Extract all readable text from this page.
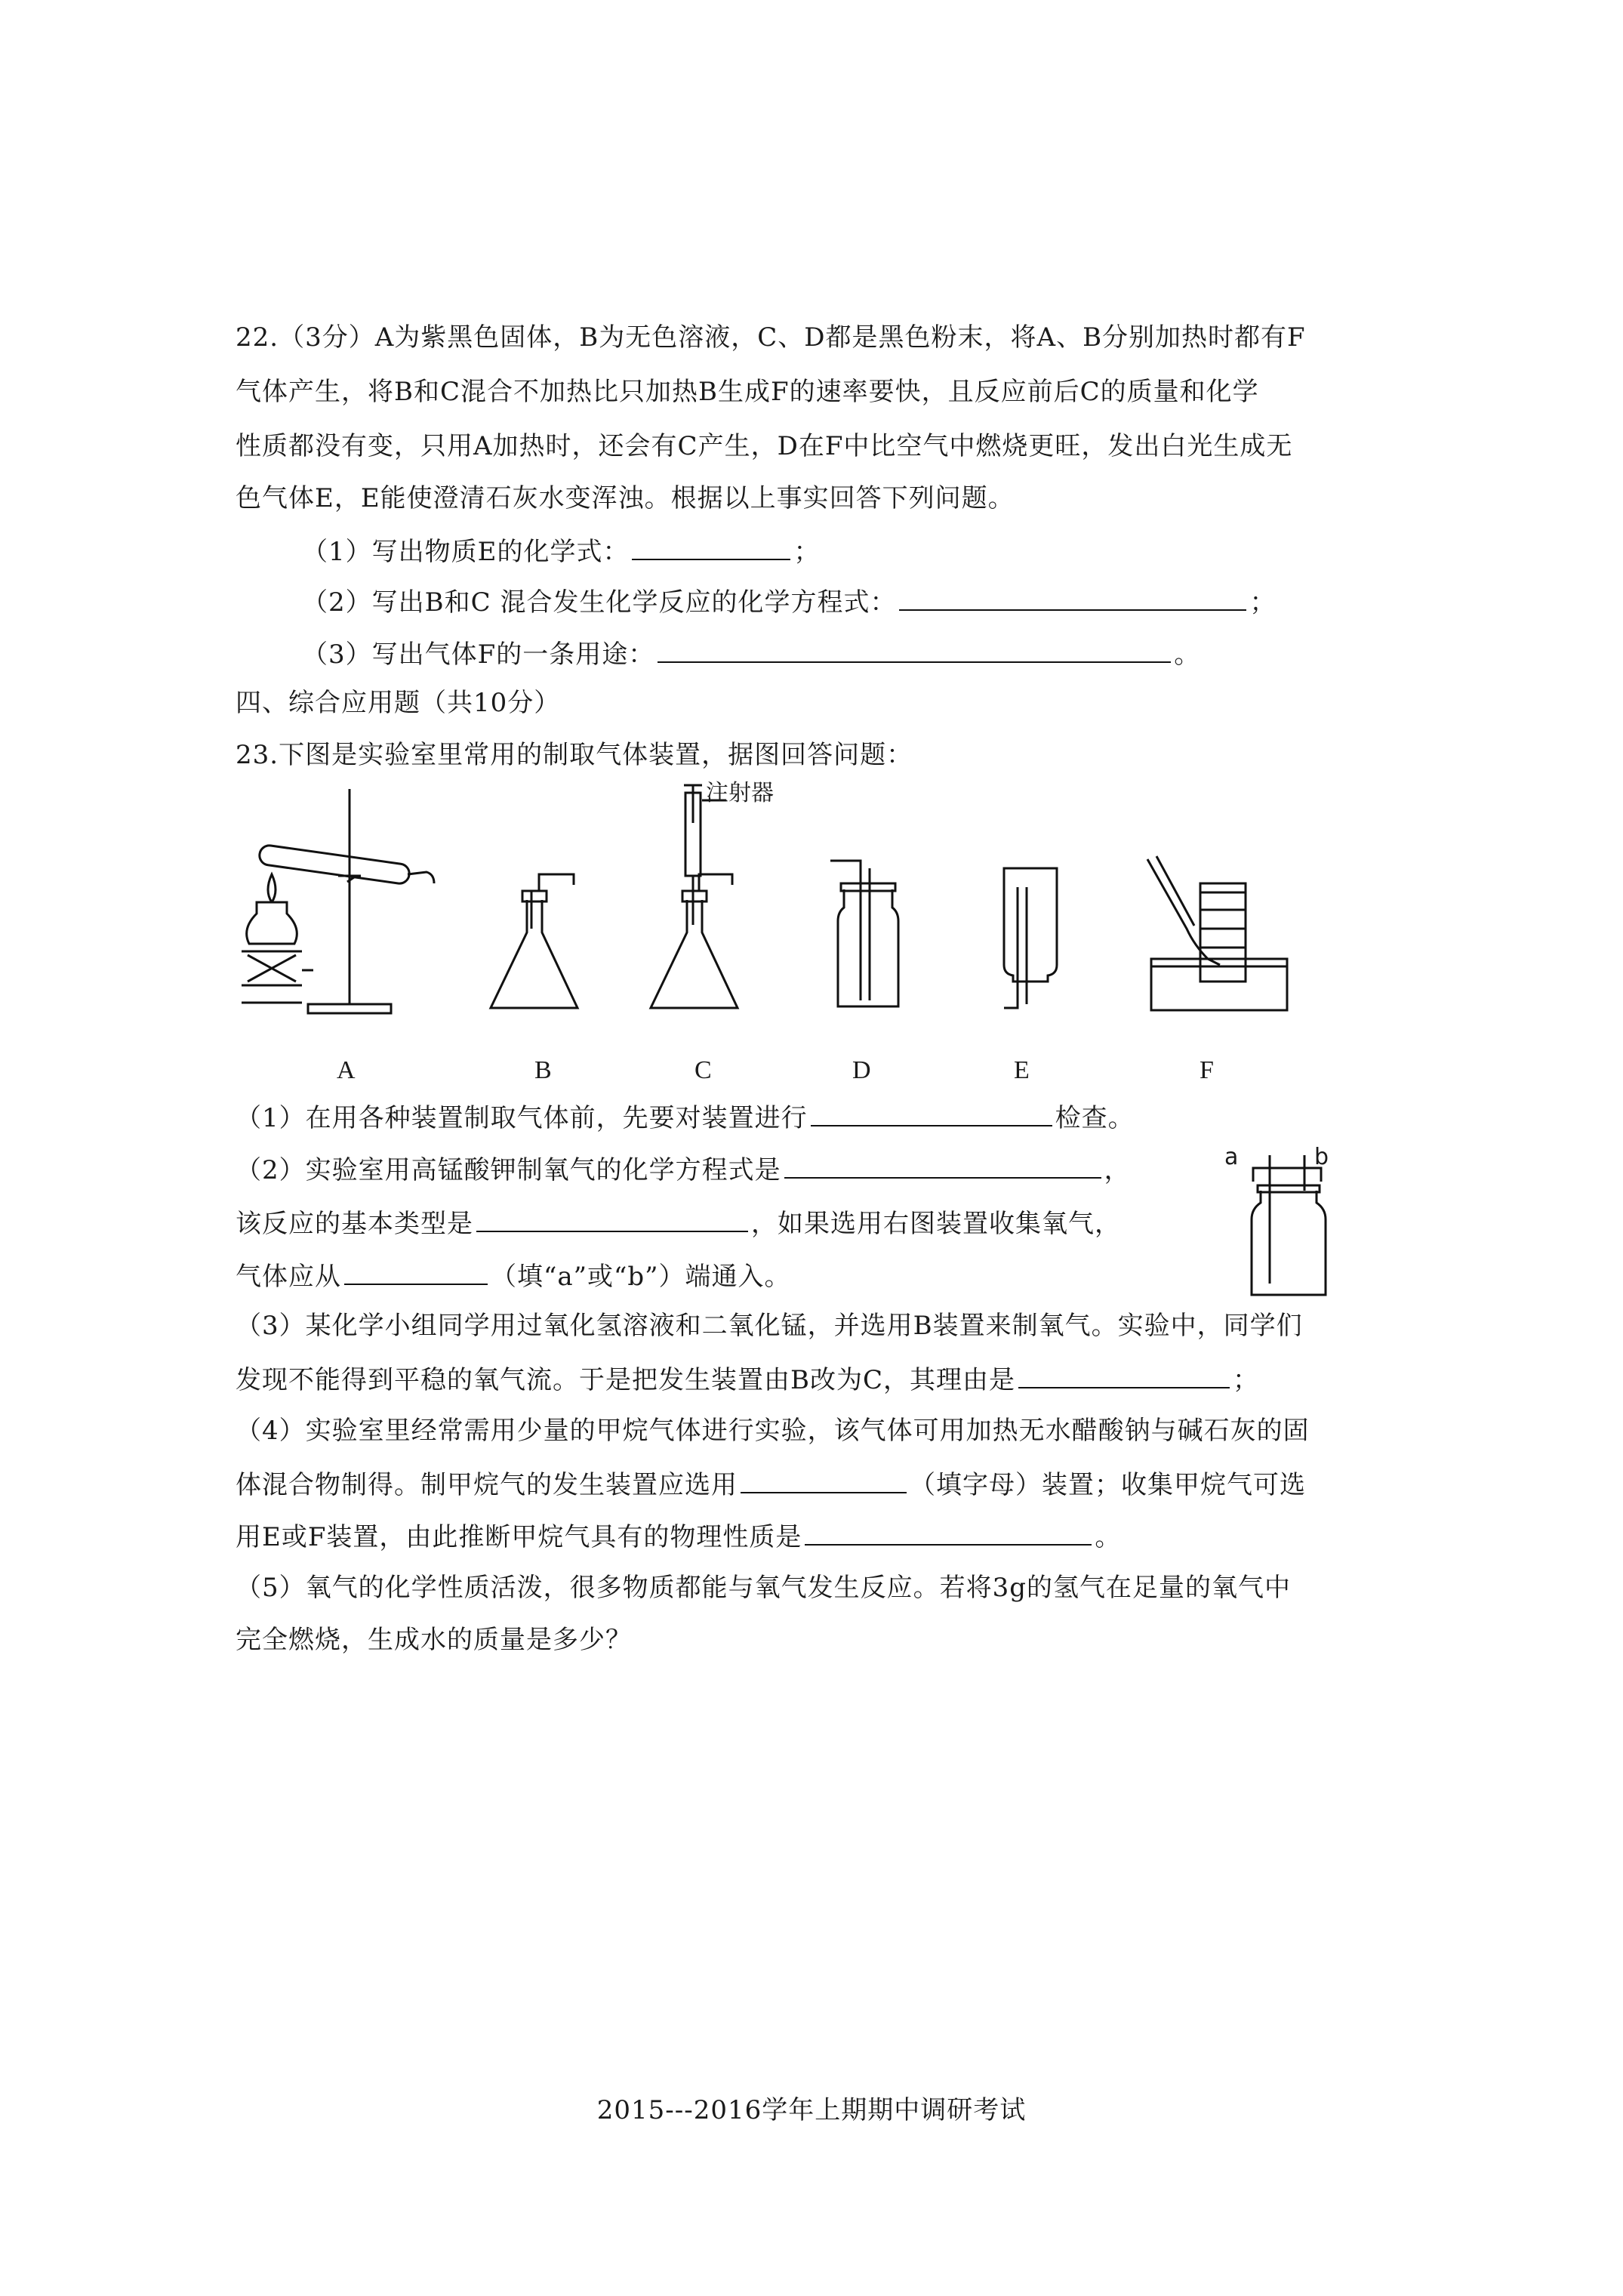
22.（3分）A为紫黑色固体，B为无色溶液，C、D都是黑色粉末，将A、B分别加热时都有F
气体产生，将B和C混合不加热比只加热B生成F的速率要快，且反应前后C的质量和化学
性质都没有变，只用A加热时，还会有C产生，D在F中比空气中燃烧更旺，发出白光生成无
色气体E，E能使澄清石灰水变浑浊。根据以上事实回答下列问题。
（1）写出物质E的化学式：	；
（2）写出B和C 混合发生化学反应的化学方程式：	；
（3）写出气体F的一条用途：	。
四、综合应用题（共10分）
23.下图是实验室里常用的制取气体装置，据图回答问题：
注射器
A	B	C	D	E	F
（1）在用各种装置制取气体前，先要对装置进行	检查。
（2）实验室用高锰酸钾制氧气的化学方程式是	，
该反应的基本类型是	，如果选用右图装置收集氧气，
气体应从	（填“a”或“b”）端通入。
a	b
（3）某化学小组同学用过氧化氢溶液和二氧化锰，并选用B装置来制氧气。实验中，同学们
发现不能得到平稳的氧气流。于是把发生装置由B改为C，其理由是	；
（4）实验室里经常需用少量的甲烷气体进行实验，该气体可用加热无水醋酸钠与碱石灰的固
体混合物制得。制甲烷气的发生装置应选用	（填字母）装置；收集甲烷气可选
用E或F装置，由此推断甲烷气具有的物理性质是	。
（5）氧气的化学性质活泼，很多物质都能与氧气发生反应。若将3g的氢气在足量的氧气中
完全燃烧，生成水的质量是多少？
2015---2016学年上期期中调研考试
